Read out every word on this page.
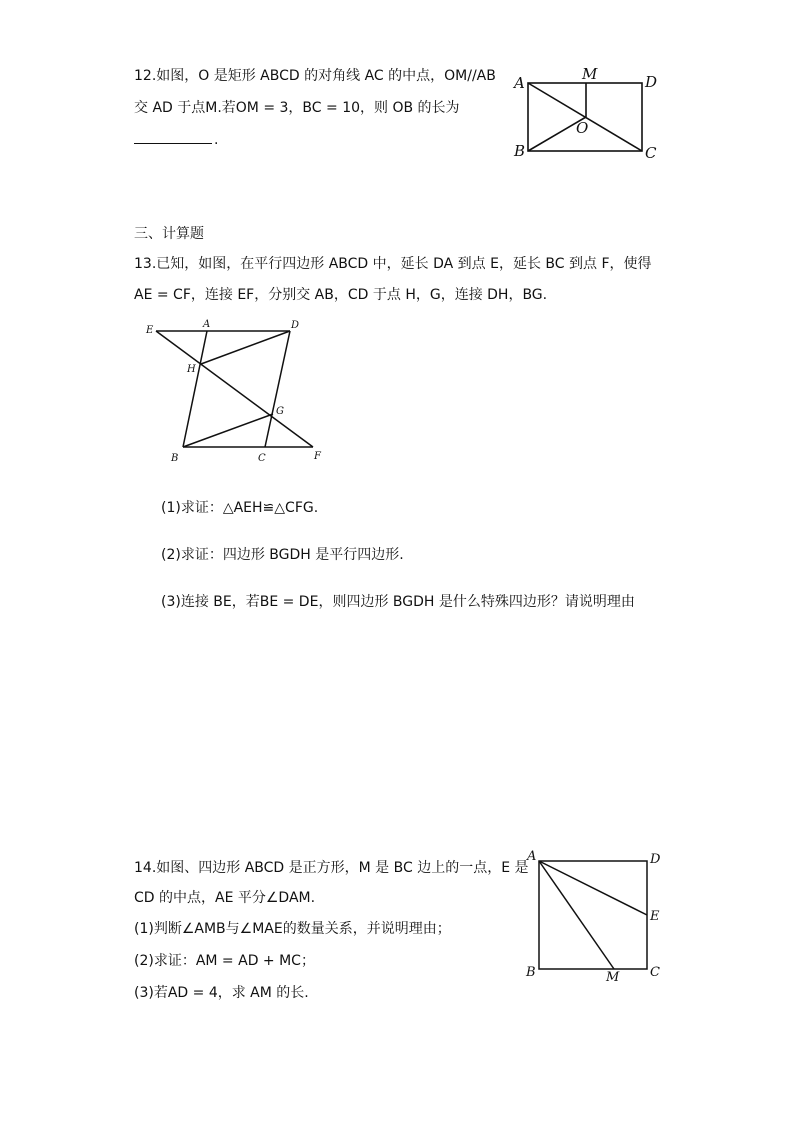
12.如图，O 是矩形 ABCD 的对角线 AC 的中点，OM//AB
交 AD 于点M.若OM = 3，BC = 10，则 OB 的长为
.
A	M	D
O
B	C
三、计算题
13.已知，如图，在平行四边形 ABCD 中，延长 DA 到点 E，延长 BC 到点 F，使得
AE = CF，连接 EF，分别交 AB，CD 于点 H，G，连接 DH，BG.
E
A	D
H
G
B	C	F
(1)求证：△AEH≌△CFG.
(2)求证：四边形 BGDH 是平行四边形.
(3)连接 BE，若BE = DE，则四边形 BGDH 是什么特殊四边形？请说明理由
14.如图、四边形 ABCD 是正方形，M 是 BC 边上的一点，E 是
CD 的中点，AE 平分∠DAM.
(1)判断∠AMB与∠MAE的数量关系，并说明理由；
(2)求证：AM = AD + MC；
(3)若AD = 4，求 AM 的长.
A	D
E
B	M C
